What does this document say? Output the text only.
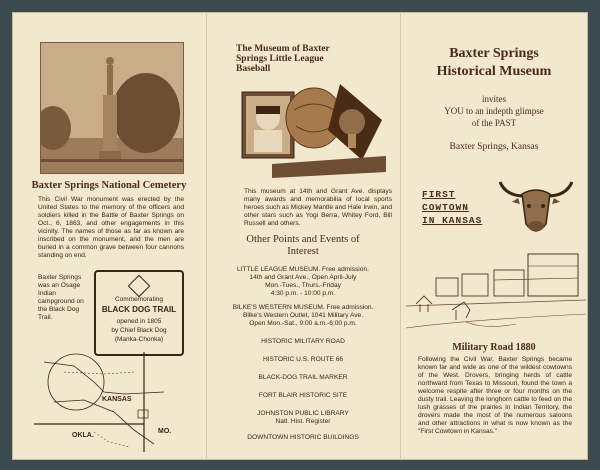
Baxter Springs National Cemetery
This Civil War monument was erected by the United States to the memory of the officers and soldiers killed in the Battle of Baxter Springs on Oct., 6, 1863, and other engagements in this vicinity. The names of those as far as known are inscribed on the monument, and the men are buried in a common grave between four cannons standing on end.
Baxter Springs was an Osage Indian campground on the Black Dog Trail.
Commemorating
BLACK DOG TRAIL
opened in 1805
by Chief Black Dog
(Manka-Chonka)
KANSAS
OKLA.
MO.
The Museum of Baxter Springs Little League Baseball
This museum at 14th and Grant Ave. displays many awards and memorabilia of local sports heroes such as Mickey Mantle and Hale Irwin, and other stars such as Yogi Berra, Whitey Ford, Bill Russell and others.
Other Points and Events of Interest
LITTLE LEAGUE MUSEUM. Free admission.
14th and Grant Ave., Open April-July
Mon.-Tues., Thurs.-Friday
4:30 p.m. - 10:00 p.m.
BILKE'S WESTERN MUSEUM. Free admission.
Bilke's Western Outlet, 1041 Military Ave.
Open Mon.-Sat., 9:00 a.m.-6:00 p.m.
HISTORIC MILITARY ROAD
HISTORIC U.S. ROUTE 66
BLACK-DOG TRAIL MARKER
FORT BLAIR HISTORIC SITE
JOHNSTON PUBLIC LIBRARY
Natl. Hist. Register
DOWNTOWN HISTORIC BUILDINGS
Baxter Springs
Historical Museum
invites
YOU to an indepth glimpse
of the PAST
Baxter Springs, Kansas
FIRST
COWTOWN
IN KANSAS
Military Road 1880
Following the Civil War, Baxter Springs became known far and wide as one of the wildest cowtowns of the West. Drovers, bringing herds of cattle northward from Texas to Missouri, found the town a welcome respite after three or four months on the dusty trail. Leaving the longhorn cattle to feed on the lush grasses of the prairies in Indian Territory, the drovers made the most of the numerous saloons and other attractions in what is now known as the "First Cowtown in Kansas."
